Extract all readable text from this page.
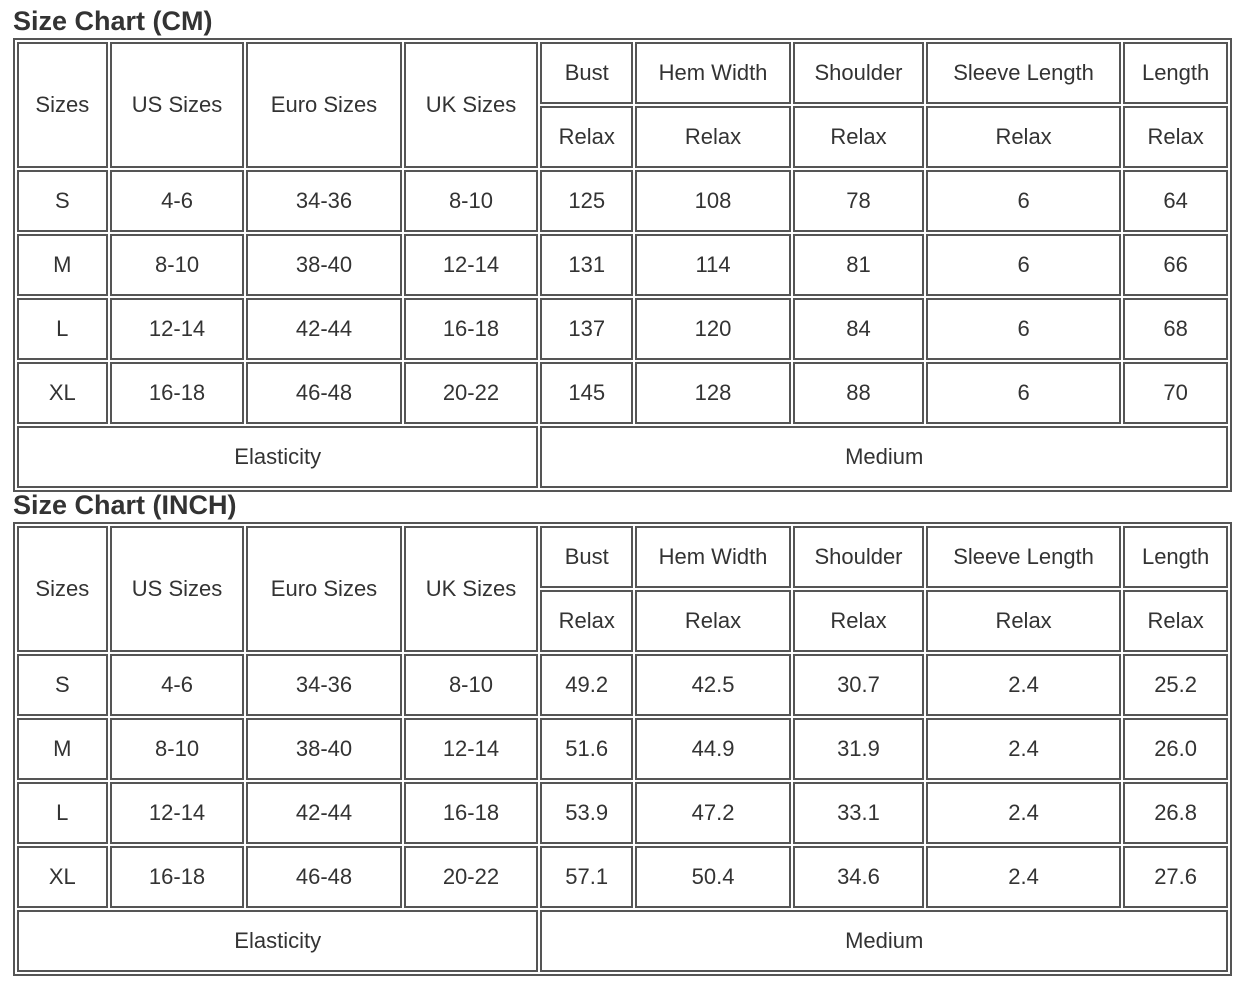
Size Chart (CM)
Sizes	US Sizes	Euro Sizes	UK Sizes	Bust	Hem Width	Shoulder	Sleeve Length	Length
				Relax	Relax	Relax	Relax	Relax
S	4-6	34-36	8-10	125	108	78	6	64
M	8-10	38-40	12-14	131	114	81	6	66
L	12-14	42-44	16-18	137	120	84	6	68
XL	16-18	46-48	20-22	145	128	88	6	70
Elasticity				Medium				
Size Chart (INCH)
Sizes	US Sizes	Euro Sizes	UK Sizes	Bust	Hem Width	Shoulder	Sleeve Length	Length
				Relax	Relax	Relax	Relax	Relax
S	4-6	34-36	8-10	49.2	42.5	30.7	2.4	25.2
M	8-10	38-40	12-14	51.6	44.9	31.9	2.4	26.0
L	12-14	42-44	16-18	53.9	47.2	33.1	2.4	26.8
XL	16-18	46-48	20-22	57.1	50.4	34.6	2.4	27.6
Elasticity				Medium				
